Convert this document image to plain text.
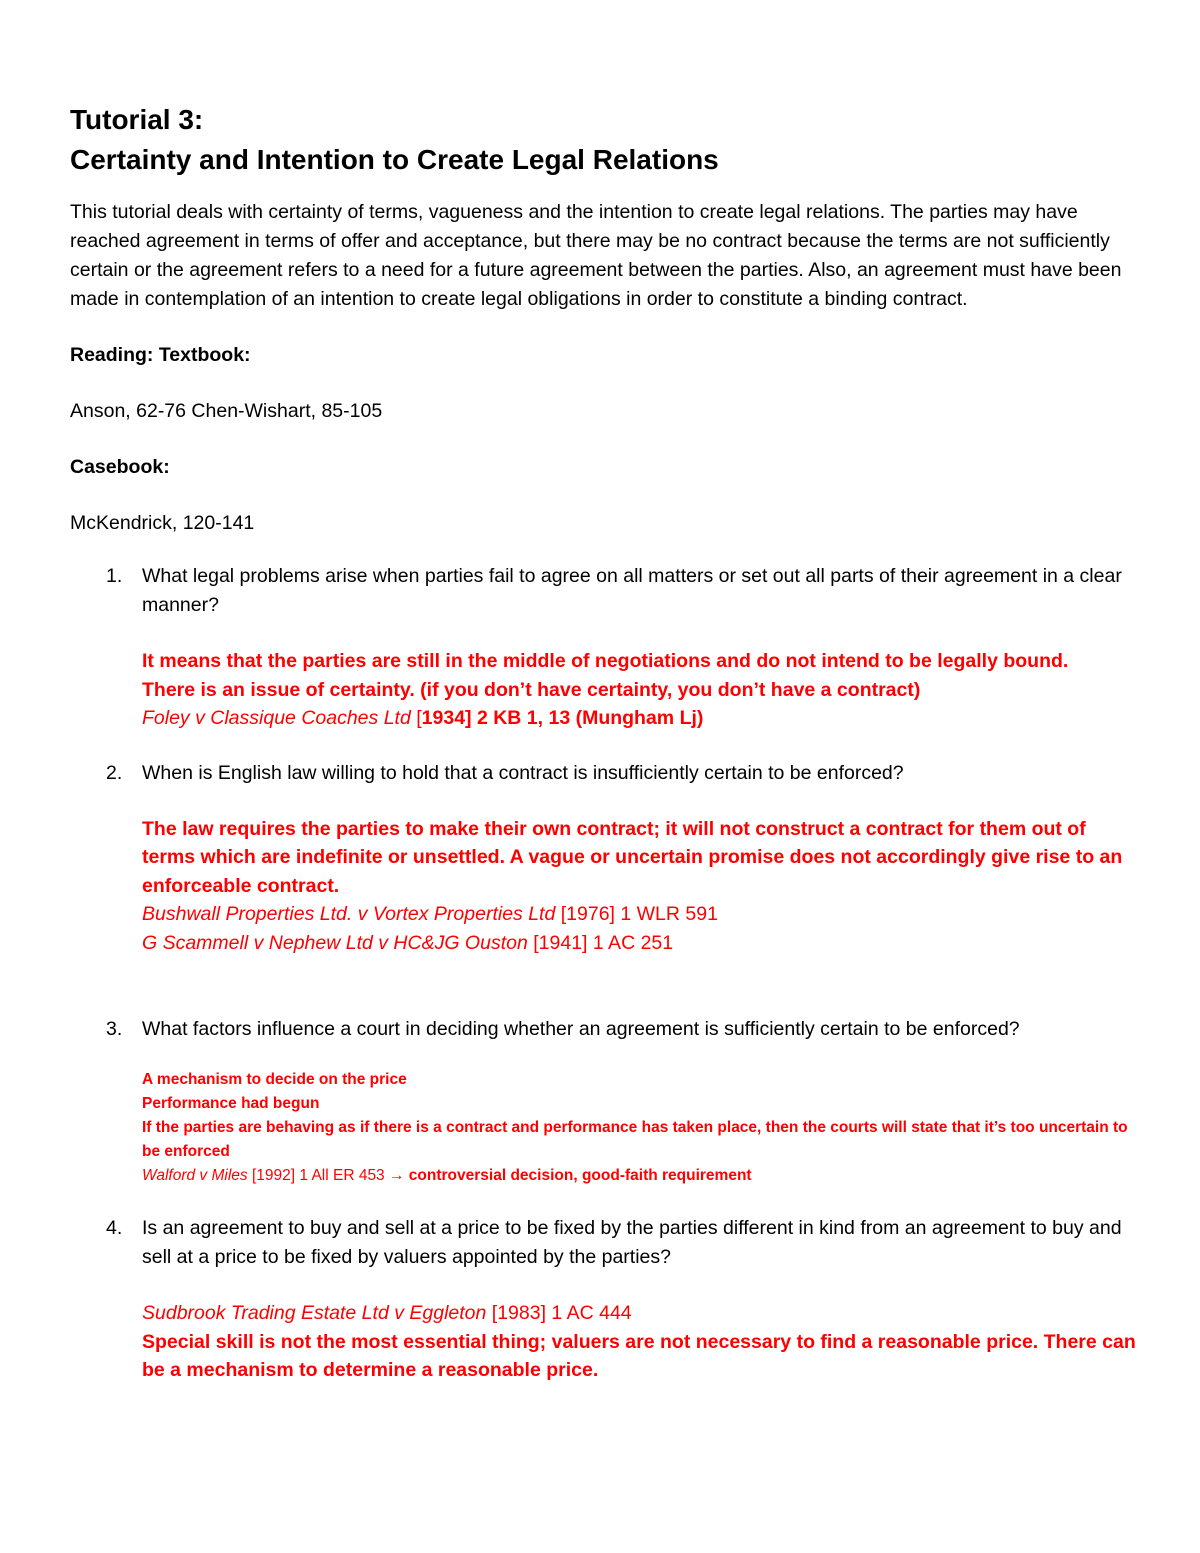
Tutorial 3:
Certainty and Intention to Create Legal Relations

This tutorial deals with certainty of terms, vagueness and the intention to create legal relations. The parties may have reached agreement in terms of offer and acceptance, but there may be no contract because the terms are not sufficiently certain or the agreement refers to a need for a future agreement between the parties. Also, an agreement must have been made in contemplation of an intention to create legal obligations in order to constitute a binding contract.

Reading: Textbook:

Anson, 62-76 Chen-Wishart, 85-105

Casebook:

McKendrick, 120-141

1. What legal problems arise when parties fail to agree on all matters or set out all parts of their agreement in a clear manner?

It means that the parties are still in the middle of negotiations and do not intend to be legally bound.
There is an issue of certainty. (if you don’t have certainty, you don’t have a contract)
Foley v Classique Coaches Ltd [1934] 2 KB 1, 13 (Mungham Lj)
2. When is English law willing to hold that a contract is insufficiently certain to be enforced?

The law requires the parties to make their own contract; it will not construct a contract for them out of terms which are indefinite or unsettled. A vague or uncertain promise does not accordingly give rise to an enforceable contract.
Bushwall Properties Ltd. v Vortex Properties Ltd [1976] 1 WLR 591
G Scammell v Nephew Ltd v HC&JG Ouston [1941] 1 AC 251
3. What factors influence a court in deciding whether an agreement is sufficiently certain to be enforced?

A mechanism to decide on the price
Performance had begun
If the parties are behaving as if there is a contract and performance has taken place, then the courts will state that it’s too uncertain to be enforced
Walford v Miles [1992] 1 All ER 453 → controversial decision, good-faith requirement
4. Is an agreement to buy and sell at a price to be fixed by the parties different in kind from an agreement to buy and sell at a price to be fixed by valuers appointed by the parties?

Sudbrook Trading Estate Ltd v Eggleton [1983] 1 AC 444
Special skill is not the most essential thing; valuers are not necessary to find a reasonable price. There can be a mechanism to determine a reasonable price.
